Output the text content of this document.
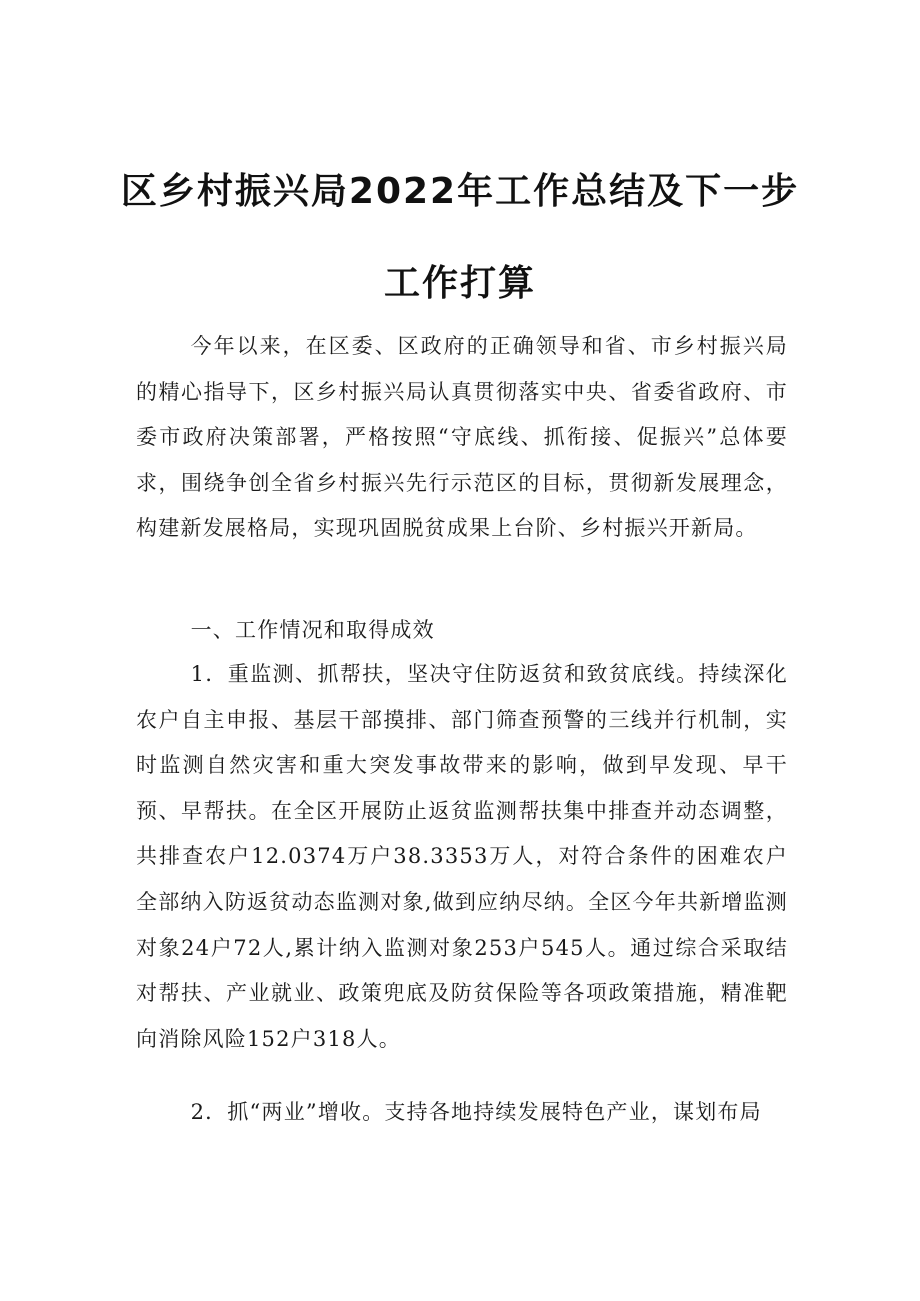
区乡村振兴局2022年工作总结及下一步
工作打算

今年以来，在区委、区政府的正确领导和省、市乡村振兴局的精心指导下，区乡村振兴局认真贯彻落实中央、省委省政府、市委市政府决策部署，严格按照“守底线、抓衔接、促振兴”总体要求，围绕争创全省乡村振兴先行示范区的目标，贯彻新发展理念，构建新发展格局，实现巩固脱贫成果上台阶、乡村振兴开新局。

一、工作情况和取得成效

1．重监测、抓帮扶，坚决守住防返贫和致贫底线。持续深化农户自主申报、基层干部摸排、部门筛查预警的三线并行机制，实时监测自然灾害和重大突发事故带来的影响，做到早发现、早干预、早帮扶。在全区开展防止返贫监测帮扶集中排查并动态调整，共排查农户12.0374万户38.3353万人，对符合条件的困难农户全部纳入防返贫动态监测对象,做到应纳尽纳。全区今年共新增监测对象24户72人,累计纳入监测对象253户545人。通过综合采取结对帮扶、产业就业、政策兜底及防贫保险等各项政策措施，精准靶向消除风险152户318人。

2．抓“两业”增收。支持各地持续发展特色产业，谋划布局
